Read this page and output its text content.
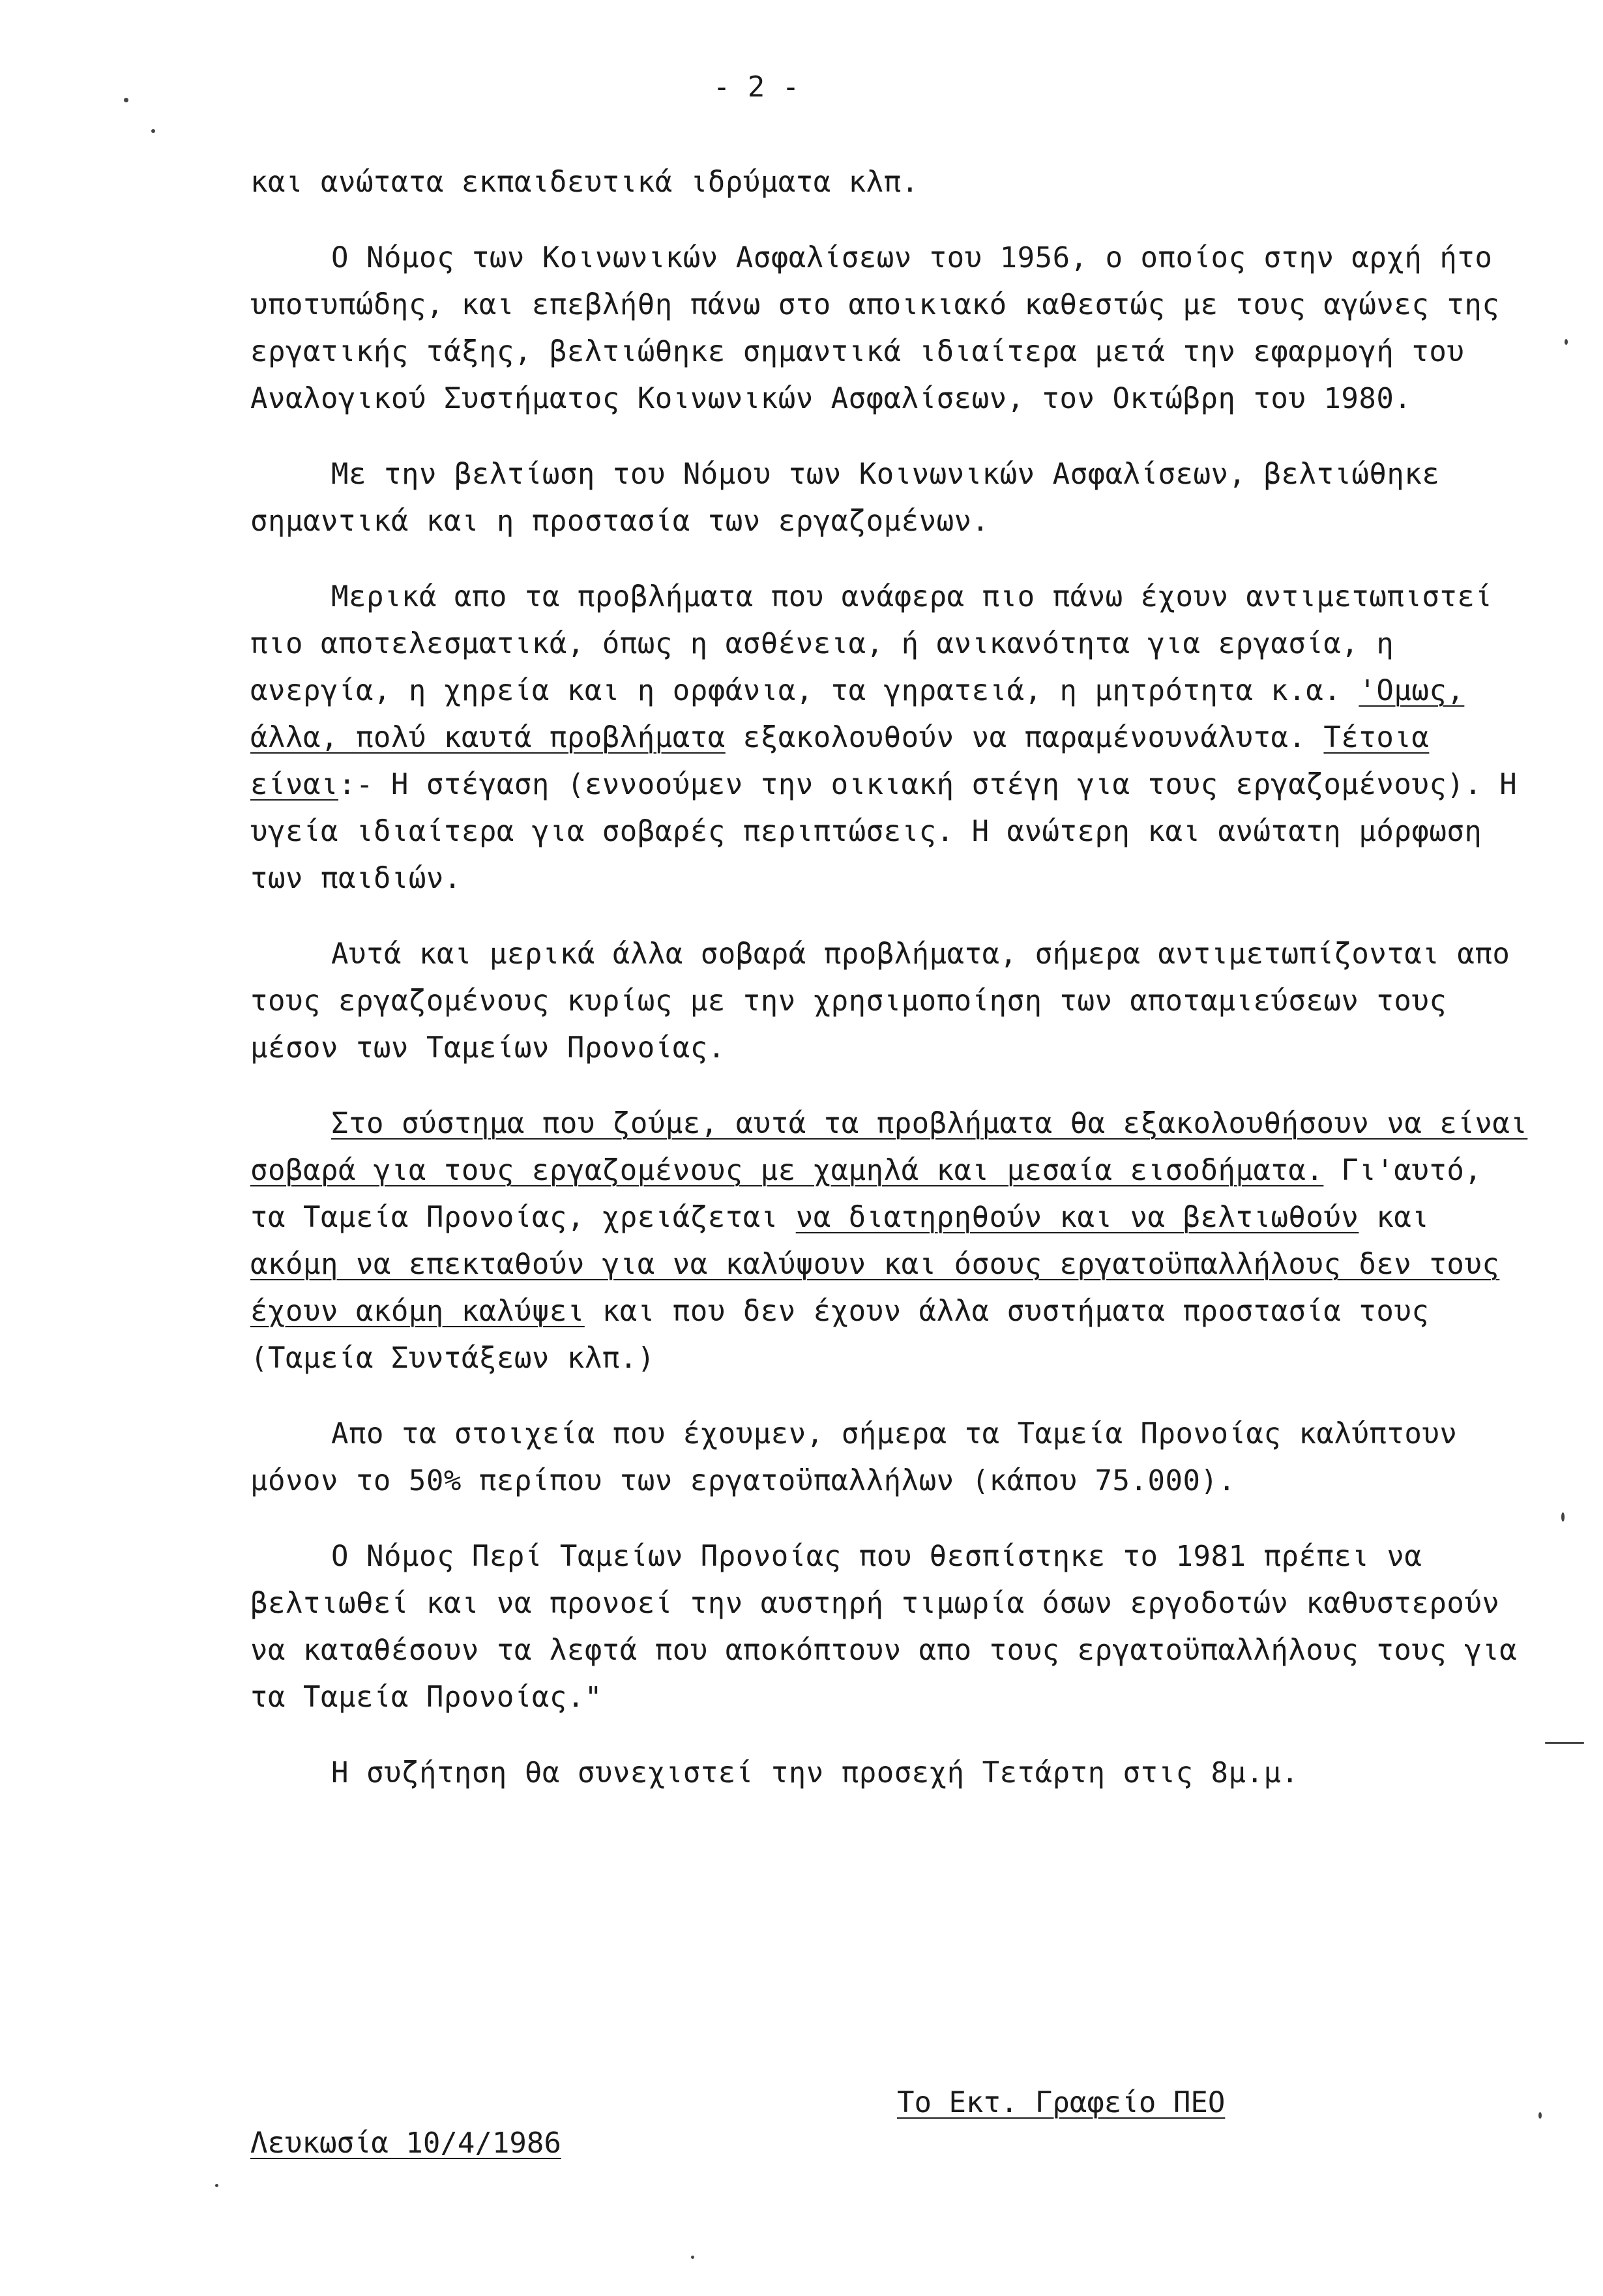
- 2 -

και ανώτατα εκπαιδευτικά ιδρύματα κλπ.

Ο Νόμος των Κοινωνικών Ασφαλίσεων του 1956, ο οποίος στην αρχή ήτο υποτυπώδης, και επεβλήθη πάνω στο αποικιακό καθεστώς με τους αγώνες της εργατικής τάξης, βελτιώθηκε σημαντικά ιδιαίτερα μετά την εφαρμογή του Αναλογικού Συστήματος Κοινωνικών Ασφαλίσεων, τον Οκτώβρη του 1980.

Με την βελτίωση του Νόμου των Κοινωνικών Ασφαλίσεων, βελτιώθηκε σημαντικά και η προστασία των εργαζομένων.

Μερικά απο τα προβλήματα που ανάφερα πιο πάνω έχουν αντιμετωπιστεί πιο αποτελεσματικά, όπως η ασθένεια, ή ανικανότητα για εργασία, η ανεργία, η χηρεία και η ορφάνια, τα γηρατειά, η μητρότητα κ.α. 'Ομως, άλλα, πολύ καυτά προβλήματα εξακολουθούν να παραμένουνάλυτα. Τέτοια είναι:- Η στέγαση (εννοούμεν την οικιακή στέγη για τους εργαζομένους). Η υγεία ιδιαίτερα για σοβαρές περιπτώσεις. Η ανώτερη και ανώτατη μόρφωση των παιδιών.

Αυτά και μερικά άλλα σοβαρά προβλήματα, σήμερα αντιμετωπίζονται απο τους εργαζομένους κυρίως με την χρησιμοποίηση των αποταμιεύσεων τους μέσον των Ταμείων Προνοίας.

Στο σύστημα που ζούμε, αυτά τα προβλήματα θα εξακολουθήσουν να είναι σοβαρά για τους εργαζομένους με χαμηλά και μεσαία εισοδήματα. Γι'αυτό, τα Ταμεία Προνοίας, χρειάζεται να διατηρηθούν και να βελτιωθούν και ακόμη να επεκταθούν για να καλύψουν και όσους εργατοϋπαλλήλους δεν τους έχουν ακόμη καλύψει και που δεν έχουν άλλα συστήματα προστασία τους (Ταμεία Συντάξεων κλπ.)

Απο τα στοιχεία που έχουμεν, σήμερα τα Ταμεία Προνοίας καλύπτουν μόνον το 50% περίπου των εργατοϋπαλλήλων (κάπου 75.000).

Ο Νόμος Περί Ταμείων Προνοίας που θεσπίστηκε το 1981 πρέπει να βελτιωθεί και να προνοεί την αυστηρή τιμωρία όσων εργοδοτών καθυστερούν να καταθέσουν τα λεφτά που αποκόπτουν απο τους εργατοϋπαλλήλους τους για τα Ταμεία Προνοίας."

Η συζήτηση θα συνεχιστεί την προσεχή Τετάρτη στις 8μ.μ.

Το Εκτ. Γραφείο ΠΕΟ
Λευκωσία 10/4/1986
